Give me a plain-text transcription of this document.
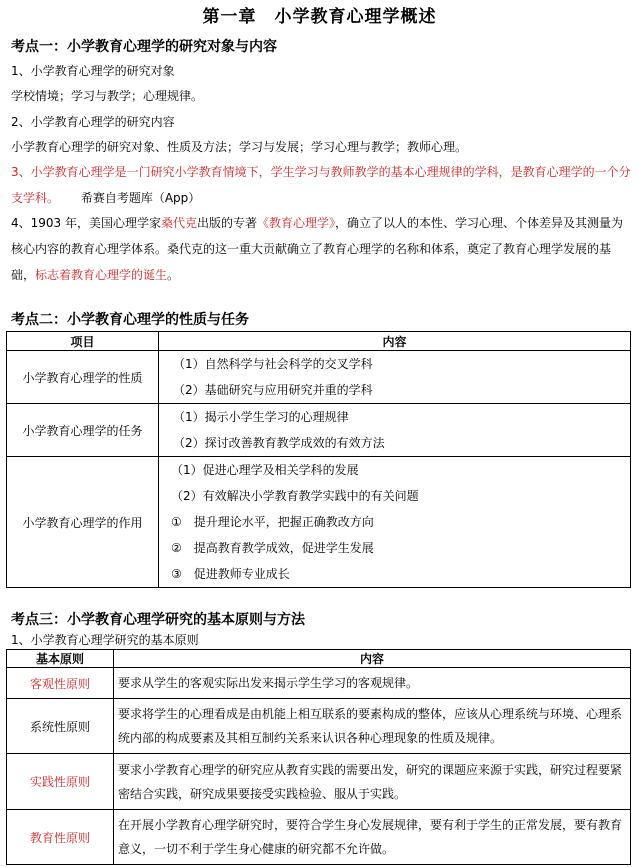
第一章　小学教育心理学概述

考点一：小学教育心理学的研究对象与内容

1、小学教育心理学的研究对象
学校情境；学习与教学；心理规律。
2、小学教育心理学的研究内容
小学教育心理学的研究对象、性质及方法；学习与发展；学习心理与教学；教师心理。
3、小学教育心理学是一门研究小学教育情境下，学生学习与教师教学的基本心理规律的学科，是教育心理学的一个分支学科。 希赛自考题库（App）
4、1903 年，美国心理学家桑代克出版的专著《教育心理学》，确立了以人的本性、学习心理、个体差异及其测量为核心内容的教育心理学体系。桑代克的这一重大贡献确立了教育心理学的名称和体系，奠定了教育心理学发展的基础，标志着教育心理学的诞生。

考点二：小学教育心理学的性质与任务

项目	内容
小学教育心理学的性质	（1）自然科学与社会科学的交叉学科
（2）基础研究与应用研究并重的学科

小学教育心理学的任务	（1）揭示小学生学习的心理规律
（2）探讨改善教育教学成效的有效方法

小学教育心理学的作用	（1）促进心理学及相关学科的发展
（2）有效解决小学教育教学实践中的有关问题
①　提升理论水平，把握正确教改方向
②　提高教育教学成效，促进学生发展
③　促进教师专业成长

考点三：小学教育心理学研究的基本原则与方法

1、小学教育心理学研究的基本原则
基本原则	内容
客观性原则	要求从学生的客观实际出发来揭示学生学习的客观规律。
系统性原则	要求将学生的心理看成是由机能上相互联系的要素构成的整体，应该从心理系统与环境、心理系统内部的构成要素及其相互制约关系来认识各种心理现象的性质及规律。
实践性原则	要求小学教育心理学的研究应从教育实践的需要出发，研究的课题应来源于实践，研究过程要紧密结合实践，研究成果要接受实践检验、服从于实践。
教育性原则	在开展小学教育心理学研究时，要符合学生身心发展规律，要有利于学生的正常发展，要有教育意义，一切不利于学生身心健康的研究都不允许做。
